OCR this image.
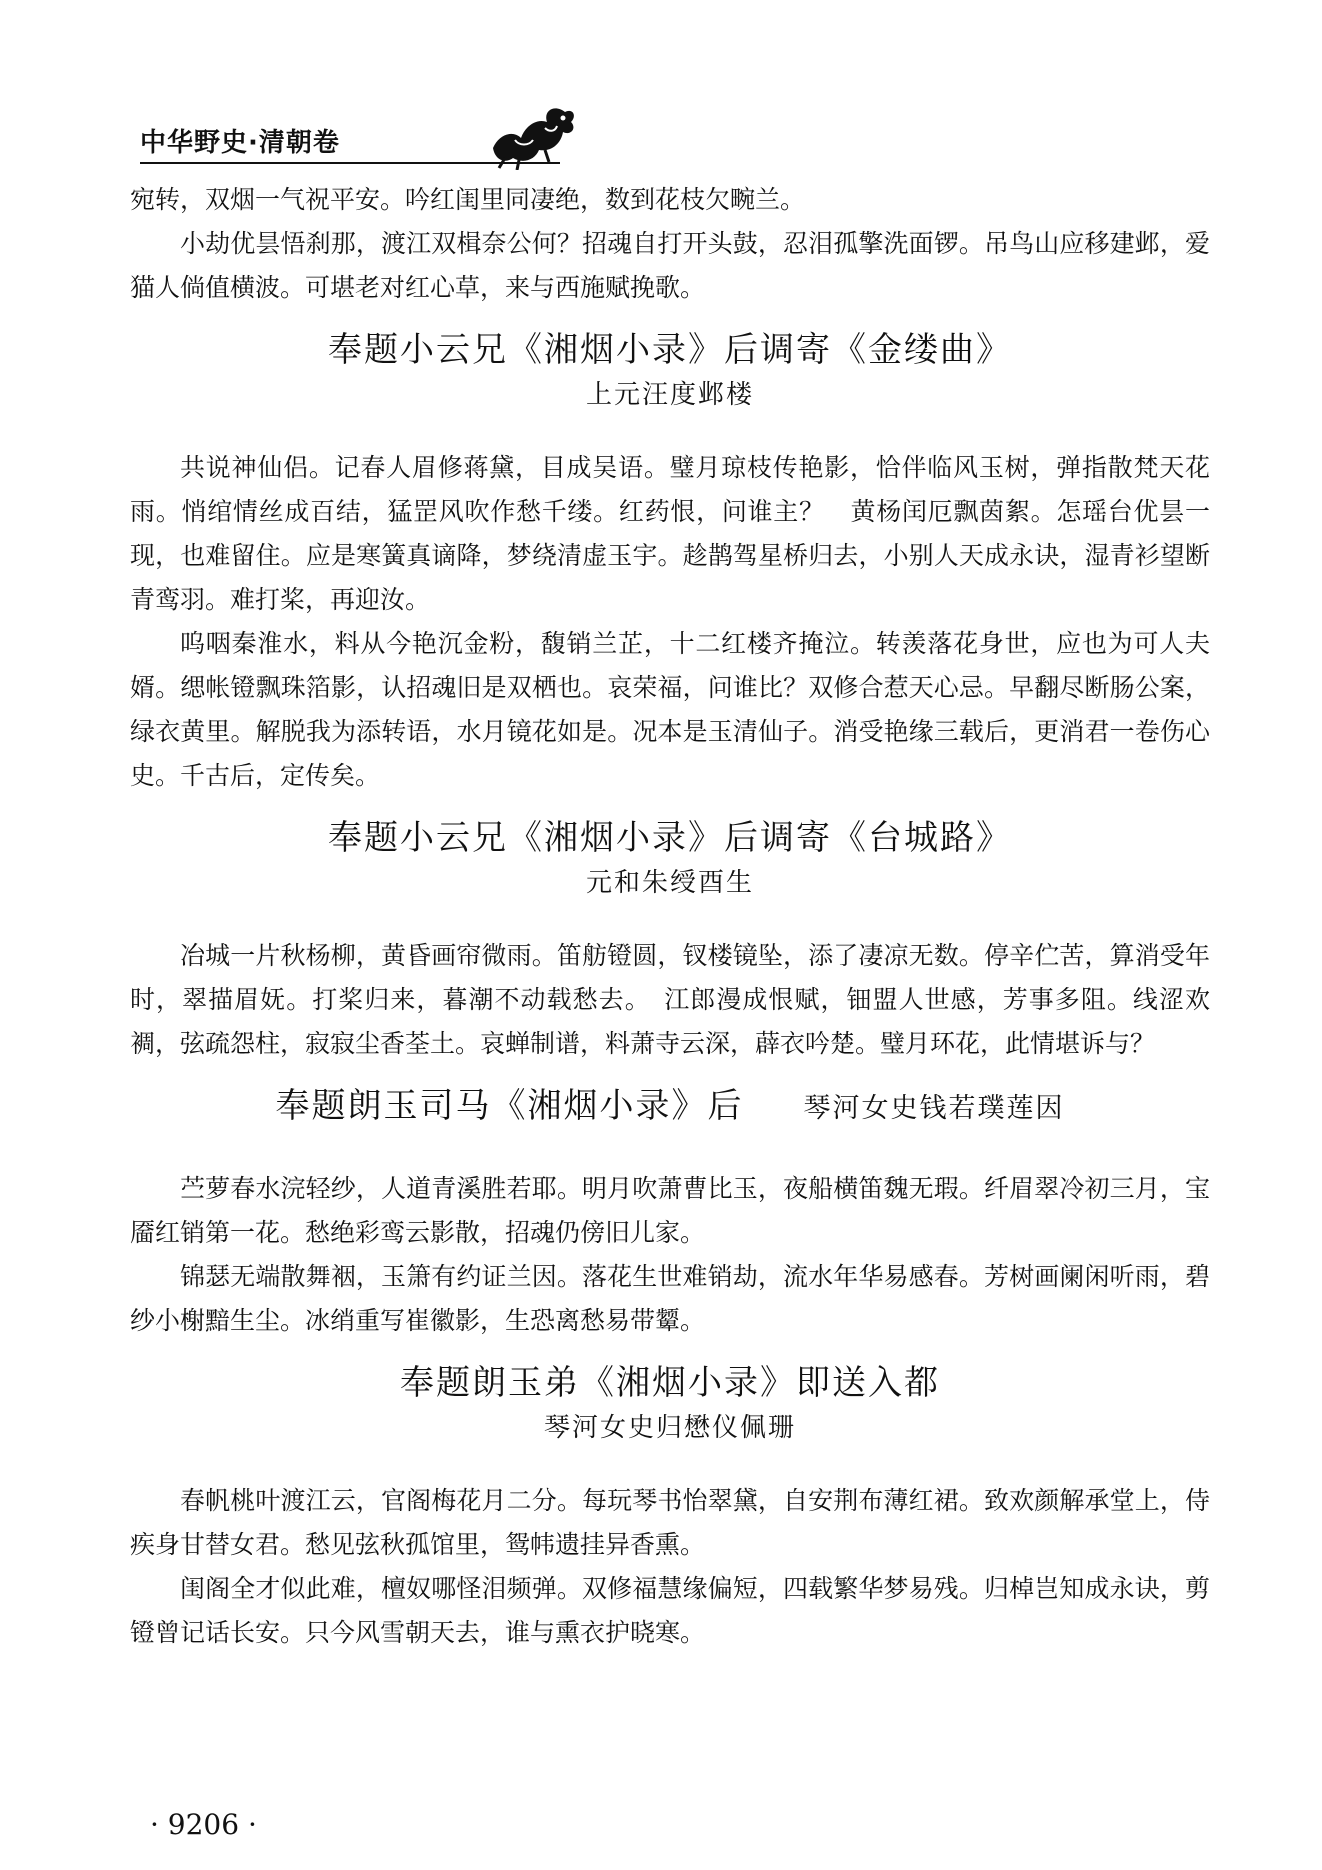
中华野史·清朝卷

宛转，双烟一气祝平安。吟红闺里同凄绝，数到花枝欠畹兰。

小劫优昙悟刹那，渡江双楫奈公何？招魂自打开头鼓，忍泪孤擎洗面锣。吊鸟山应移建邺，爱猫人倘值横波。可堪老对红心草，来与西施赋挽歌。

奉题小云兄《湘烟小录》后调寄《金缕曲》
上元汪度邺楼

共说神仙侣。记春人眉修蒋黛，目成吴语。璧月琼枝传艳影，恰伴临风玉树，弹指散梵天花雨。悄绾情丝成百结，猛罡风吹作愁千缕。红药恨，问谁主？　黄杨闰厄飘茵絮。怎瑶台优昙一现，也难留住。应是寒簧真谪降，梦绕清虚玉宇。趁鹊驾星桥归去，小别人天成永诀，湿青衫望断青鸾羽。难打桨，再迎汝。

呜咽秦淮水，料从今艳沉金粉，馥销兰芷，十二红楼齐掩泣。转羡落花身世，应也为可人夫婿。缌帐镫飘珠箔影，认招魂旧是双栖也。哀荣福，问谁比？双修合惹天心忌。早翻尽断肠公案，绿衣黄里。解脱我为添转语，水月镜花如是。况本是玉清仙子。消受艳缘三载后，更消君一卷伤心史。千古后，定传矣。

奉题小云兄《湘烟小录》后调寄《台城路》
元和朱绶酉生

冶城一片秋杨柳，黄昏画帘微雨。笛舫镫圆，钗楼镜坠，添了凄凉无数。停辛伫苦，算消受年时，翠描眉妩。打桨归来，暮潮不动载愁去。　江郎漫成恨赋，钿盟人世感，芳事多阻。线涩欢裯，弦疏怨柱，寂寂尘香荃土。哀蝉制谱，料萧寺云深，薜衣吟楚。璧月环花，此情堪诉与？

奉题朗玉司马《湘烟小录》后 琴河女史钱若璞莲因

苎萝春水浣轻纱，人道青溪胜若耶。明月吹萧曹比玉，夜船横笛魏无瑕。纤眉翠冷初三月，宝靥红销第一花。愁绝彩鸾云影散，招魂仍傍旧儿家。

锦瑟无端散舞裀，玉箫有约证兰因。落花生世难销劫，流水年华易感春。芳树画阑闲听雨，碧纱小榭黯生尘。冰绡重写崔徽影，生恐离愁易带颦。

奉题朗玉弟《湘烟小录》即送入都
琴河女史归懋仪佩珊

春帆桃叶渡江云，官阁梅花月二分。每玩琴书怡翠黛，自安荆布薄红裙。致欢颜解承堂上，侍疾身甘替女君。愁见弦秋孤馆里，鸳帏遗挂异香熏。

闺阁全才似此难，檀奴哪怪泪频弹。双修福慧缘偏短，四载繁华梦易残。归棹岂知成永诀，剪镫曾记话长安。只今风雪朝天去，谁与熏衣护晓寒。

· 9206 ·
